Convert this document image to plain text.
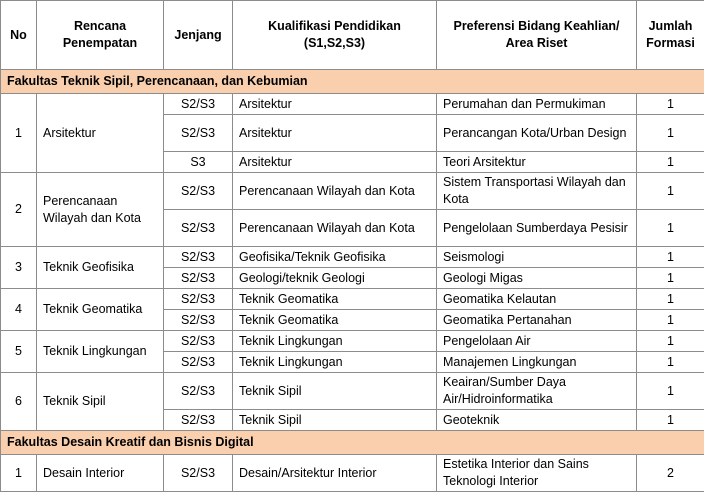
No	Rencana Penempatan	Jenjang	Kualifikasi Pendidikan (S1,S2,S3)	Preferensi Bidang Keahlian/ Area Riset	Jumlah Formasi
Fakultas Teknik Sipil, Perencanaan, dan Kebumian					
1	Arsitektur	S2/S3	Arsitektur	Perumahan dan Permukiman	1
		S2/S3	Arsitektur	Perancangan Kota/Urban Design	1
		S3	Arsitektur	Teori Arsitektur	1
2	Perencanaan Wilayah dan Kota	S2/S3	Perencanaan Wilayah dan Kota	Sistem Transportasi Wilayah dan Kota	1
		S2/S3	Perencanaan Wilayah dan Kota	Pengelolaan Sumberdaya Pesisir	1
3	Teknik Geofisika	S2/S3	Geofisika/Teknik Geofisika	Seismologi	1
		S2/S3	Geologi/teknik Geologi	Geologi Migas	1
4	Teknik Geomatika	S2/S3	Teknik Geomatika	Geomatika Kelautan	1
		S2/S3	Teknik Geomatika	Geomatika Pertanahan	1
5	Teknik Lingkungan	S2/S3	Teknik Lingkungan	Pengelolaan Air	1
		S2/S3	Teknik Lingkungan	Manajemen Lingkungan	1
6	Teknik Sipil	S2/S3	Teknik Sipil	Keairan/Sumber Daya Air/Hidroinformatika	1
		S2/S3	Teknik Sipil	Geoteknik	1
Fakultas Desain Kreatif dan Bisnis Digital					
1	Desain Interior	S2/S3	Desain/Arsitektur Interior	Estetika Interior dan Sains Teknologi Interior	2
